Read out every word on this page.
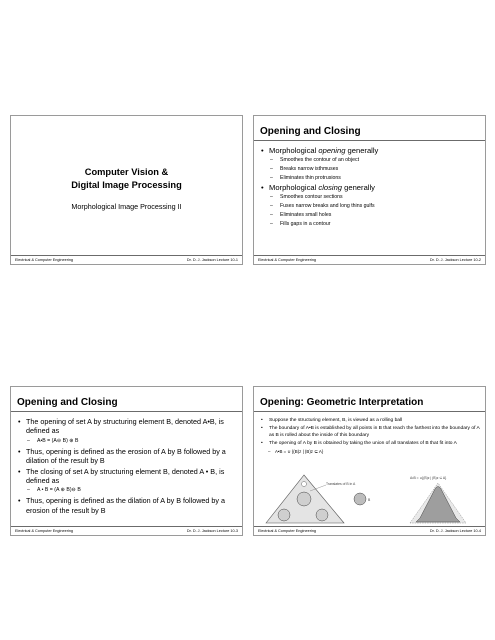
Computer Vision &
Digital Image Processing
Morphological Image Processing II
Electrical & Computer Engineering	Dr. D. J. Jackson Lecture 10-1
Opening and Closing
• Morphological opening generally
– Smoothes the contour of an object
– Breaks narrow isthmuses
– Eliminates thin protrusions
• Morphological closing generally
– Smoothes contour sections
– Fuses narrow breaks and long thins gulfs
– Eliminates small holes
– Fills gaps in a contour
Electrical & Computer Engineering	Dr. D. J. Jackson Lecture 10-2
Opening and Closing
• The opening of set A by structuring element B, denoted A•B, is defined as
– A•B = (A⊖ B) ⊕ B
• Thus, opening is defined as the erosion of A by B followed by a dilation of the result by B
• The closing of set A by structuring element B, denoted A • B, is defined as
– A • B = (A ⊕ B)⊖ B
• Thus, opening is defined as the dilation of A by B followed by a erosion of the result by B
Electrical & Computer Engineering	Dr. D. J. Jackson Lecture 10-3
Opening: Geometric Interpretation
• Suppose the structuring element, B, is viewed as a rolling ball
• The boundary of A•B is established by all points in B that reach the farthest into the boundary of A as B is rolled about the inside of this boundary
• The opening of A by B is obtained by taking the union of all translates of B that fit into A
– A•B = ∪ {(B)z | (B)z ⊆ A}
Translates of B in A
B
A•B = ∪{(B)z | (B)z ⊆ A}
Electrical & Computer Engineering	Dr. D. J. Jackson Lecture 10-4
